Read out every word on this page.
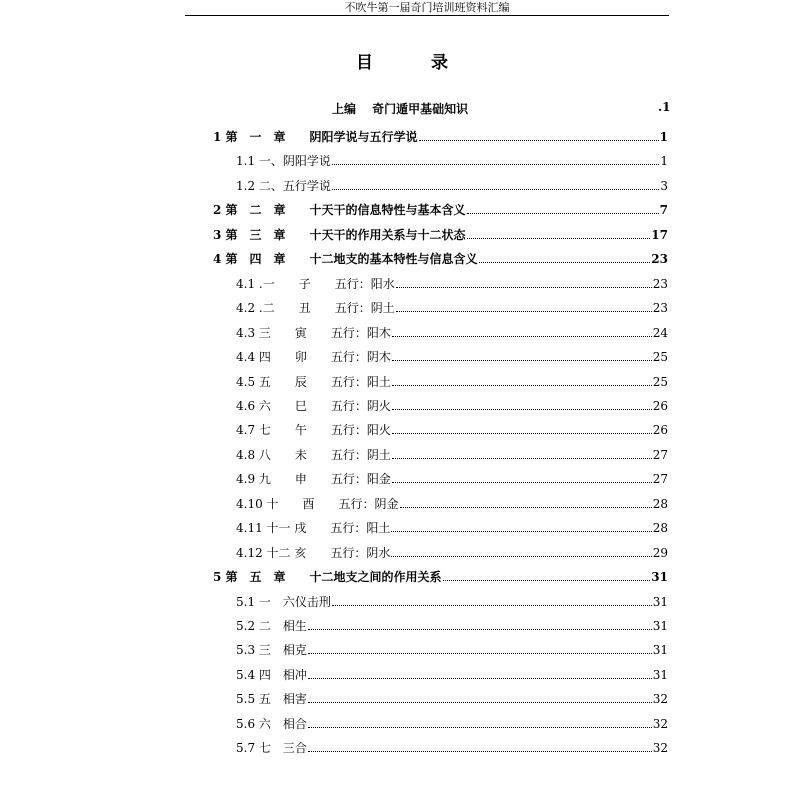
不吹牛第一届奇门培训班资料汇编
目 录
上编　 奇门遁甲基础知识	.1
1 第　一　章　　阴阳学说与五行学说	1
1.1 一、阴阳学说	1
1.2 二、五行学说	3
2 第　二　章　　十天干的信息特性与基本含义	7
3 第　三　章　　十天干的作用关系与十二状态	17
4 第　四　章　　十二地支的基本特性与信息含义	23
4.1 .一　　子　　五行：阳水	23
4.2 .二　　丑　　五行：阴土	23
4.3 三　　寅　　五行：阳木	24
4.4 四　　卯　　五行：阴木	25
4.5 五　　辰　　五行：阳土	25
4.6 六　　巳　　五行：阴火	26
4.7 七　　午　　五行：阳火	26
4.8 八　　未　　五行：阴土	27
4.9 九　　申　　五行：阳金	27
4.10 十　　酉　　五行：阴金	28
4.11 十一 戌　　五行：阳土	28
4.12 十二 亥　　五行：阴水	29
5 第　五　章　　十二地支之间的作用关系	31
5.1 一　六仪击刑	31
5.2 二　相生	31
5.3 三　相克	31
5.4 四　相冲	31
5.5 五　相害	32
5.6 六　相合	32
5.7 七　三合	32
